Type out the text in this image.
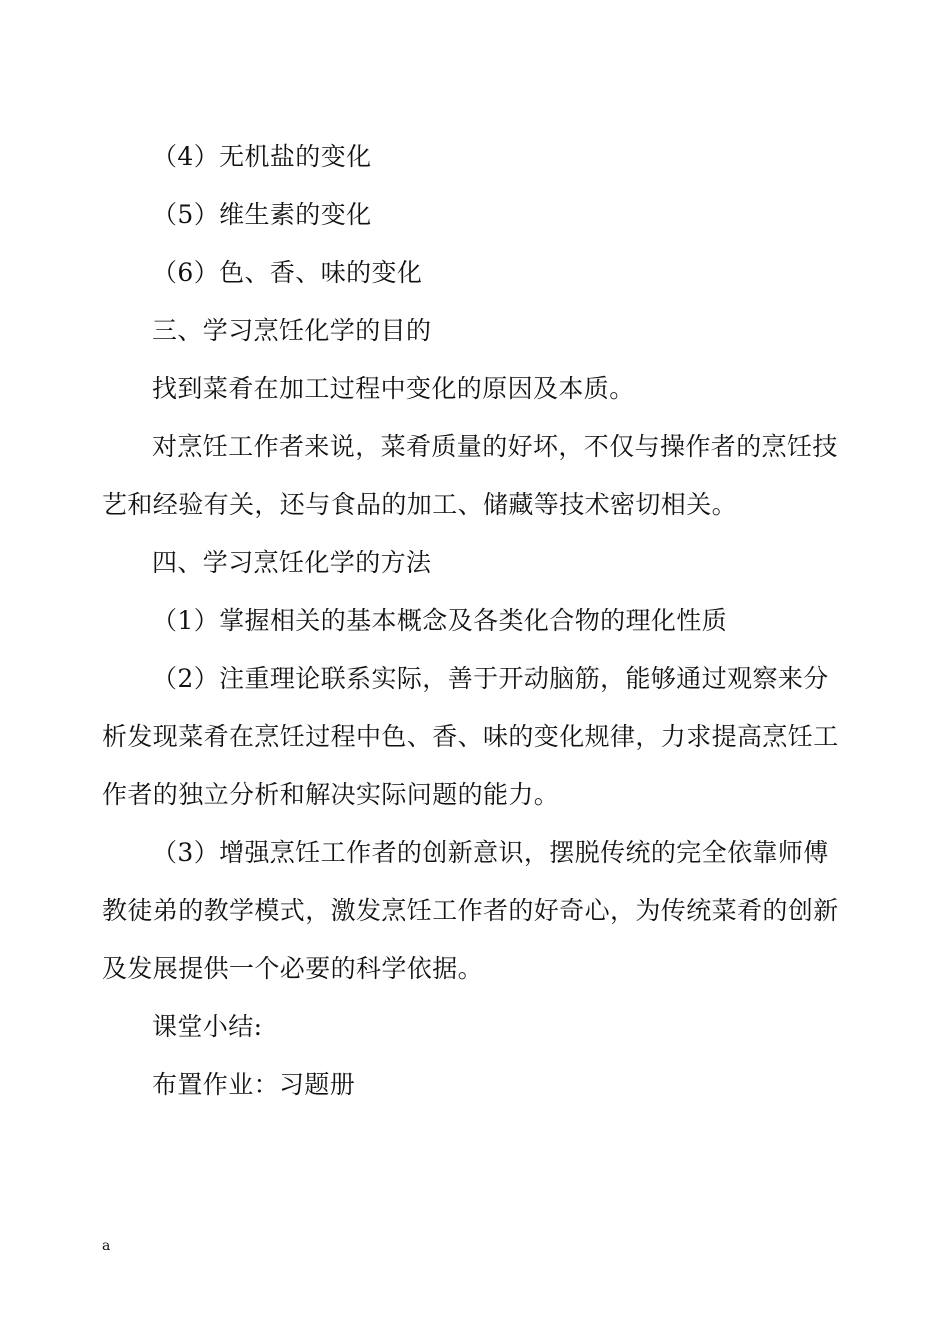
（4）无机盐的变化

（5）维生素的变化

（6）色、香、味的变化

三、学习烹饪化学的目的

找到菜肴在加工过程中变化的原因及本质。

对烹饪工作者来说，菜肴质量的好坏，不仅与操作者的烹饪技艺和经验有关，还与食品的加工、储藏等技术密切相关。

四、学习烹饪化学的方法

（1）掌握相关的基本概念及各类化合物的理化性质

（2）注重理论联系实际，善于开动脑筋，能够通过观察来分析发现菜肴在烹饪过程中色、香、味的变化规律，力求提高烹饪工作者的独立分析和解决实际问题的能力。

（3）增强烹饪工作者的创新意识，摆脱传统的完全依靠师傅教徒弟的教学模式，激发烹饪工作者的好奇心，为传统菜肴的创新及发展提供一个必要的科学依据。

课堂小结:

布置作业：习题册

a
